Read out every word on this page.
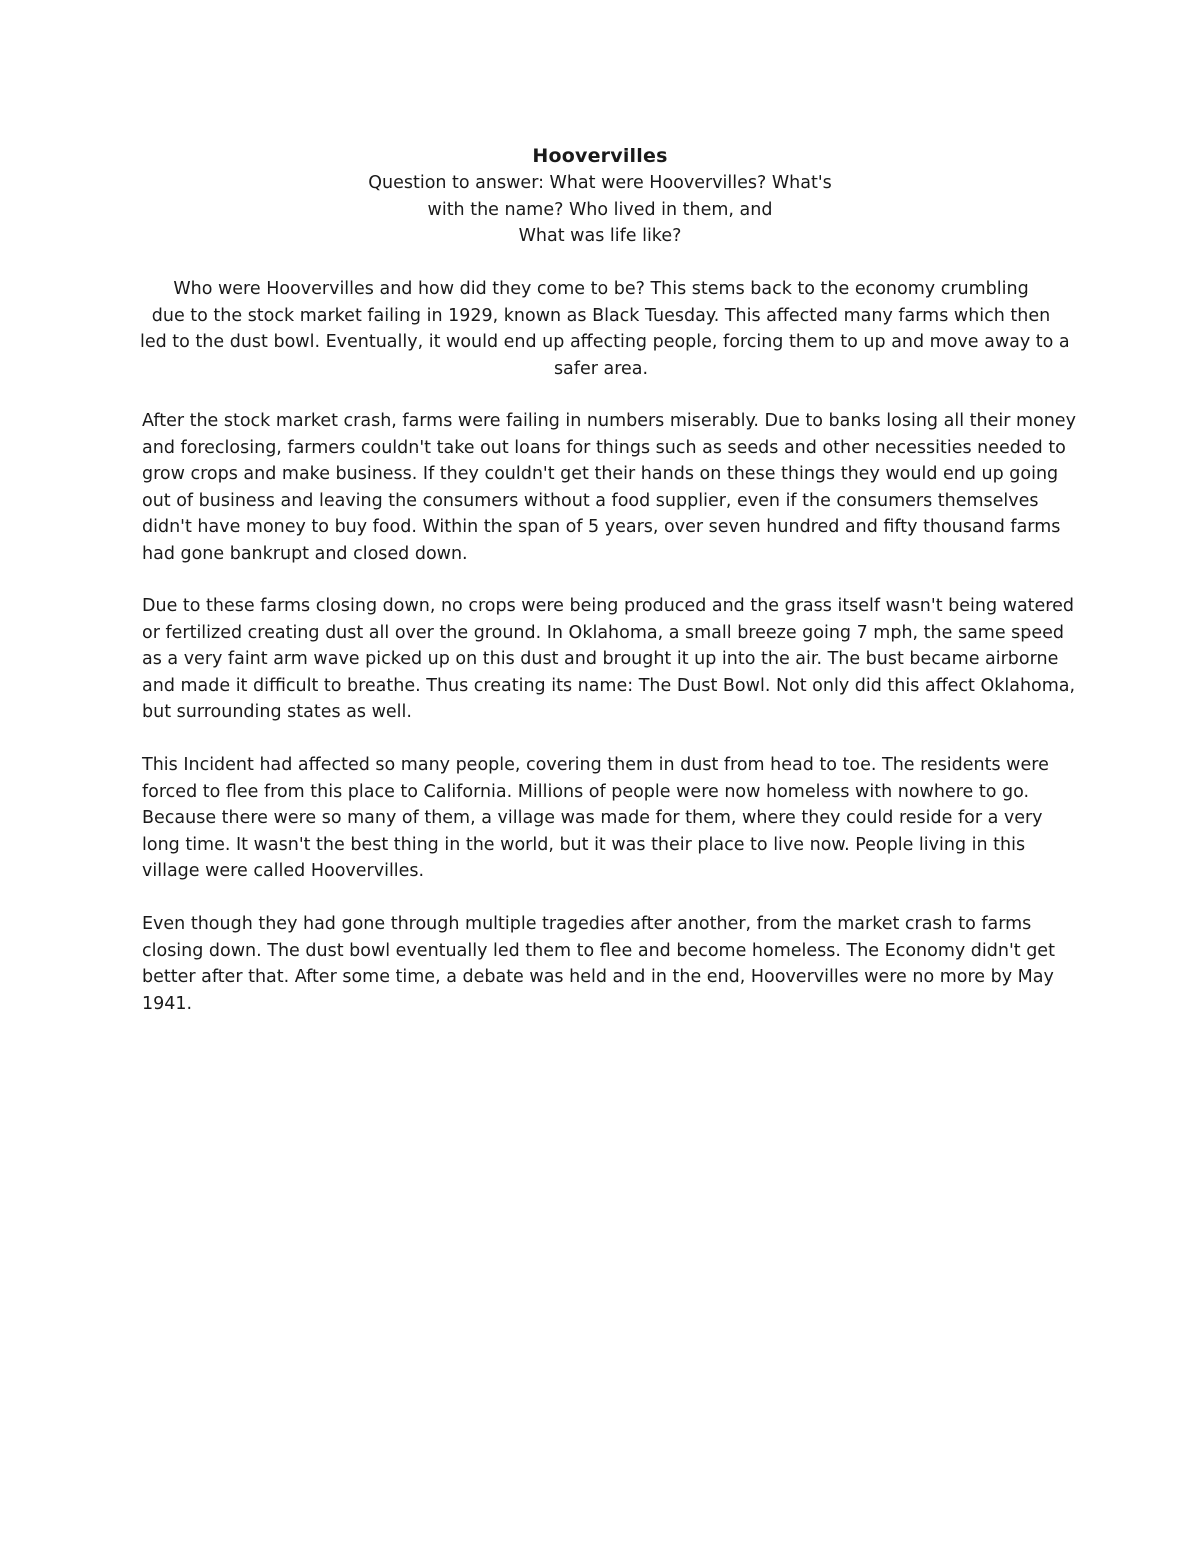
Hoovervilles
Question to answer: What were Hoovervilles? What's
with the name? Who lived in them, and
What was life like?
Who were Hoovervilles and how did they come to be? This stems back to the economy crumbling
due to the stock market failing in 1929, known as Black Tuesday. This affected many farms which then
led to the dust bowl. Eventually, it would end up affecting people, forcing them to up and move away to a
safer area.
After the stock market crash, farms were failing in numbers miserably. Due to banks losing all their money
and foreclosing, farmers couldn't take out loans for things such as seeds and other necessities needed to
grow crops and make business. If they couldn't get their hands on these things they would end up going
out of business and leaving the consumers without a food supplier, even if the consumers themselves
didn't have money to buy food. Within the span of 5 years, over seven hundred and fifty thousand farms
had gone bankrupt and closed down.
Due to these farms closing down, no crops were being produced and the grass itself wasn't being watered
or fertilized creating dust all over the ground. In Oklahoma, a small breeze going 7 mph, the same speed
as a very faint arm wave picked up on this dust and brought it up into the air. The bust became airborne
and made it difficult to breathe. Thus creating its name: The Dust Bowl. Not only did this affect Oklahoma,
but surrounding states as well.
This Incident had affected so many people, covering them in dust from head to toe. The residents were
forced to flee from this place to California. Millions of people were now homeless with nowhere to go.
Because there were so many of them, a village was made for them, where they could reside for a very
long time. It wasn't the best thing in the world, but it was their place to live now. People living in this
village were called Hoovervilles.
Even though they had gone through multiple tragedies after another, from the market crash to farms
closing down. The dust bowl eventually led them to flee and become homeless. The Economy didn't get
better after that. After some time, a debate was held and in the end, Hoovervilles were no more by May
1941.
